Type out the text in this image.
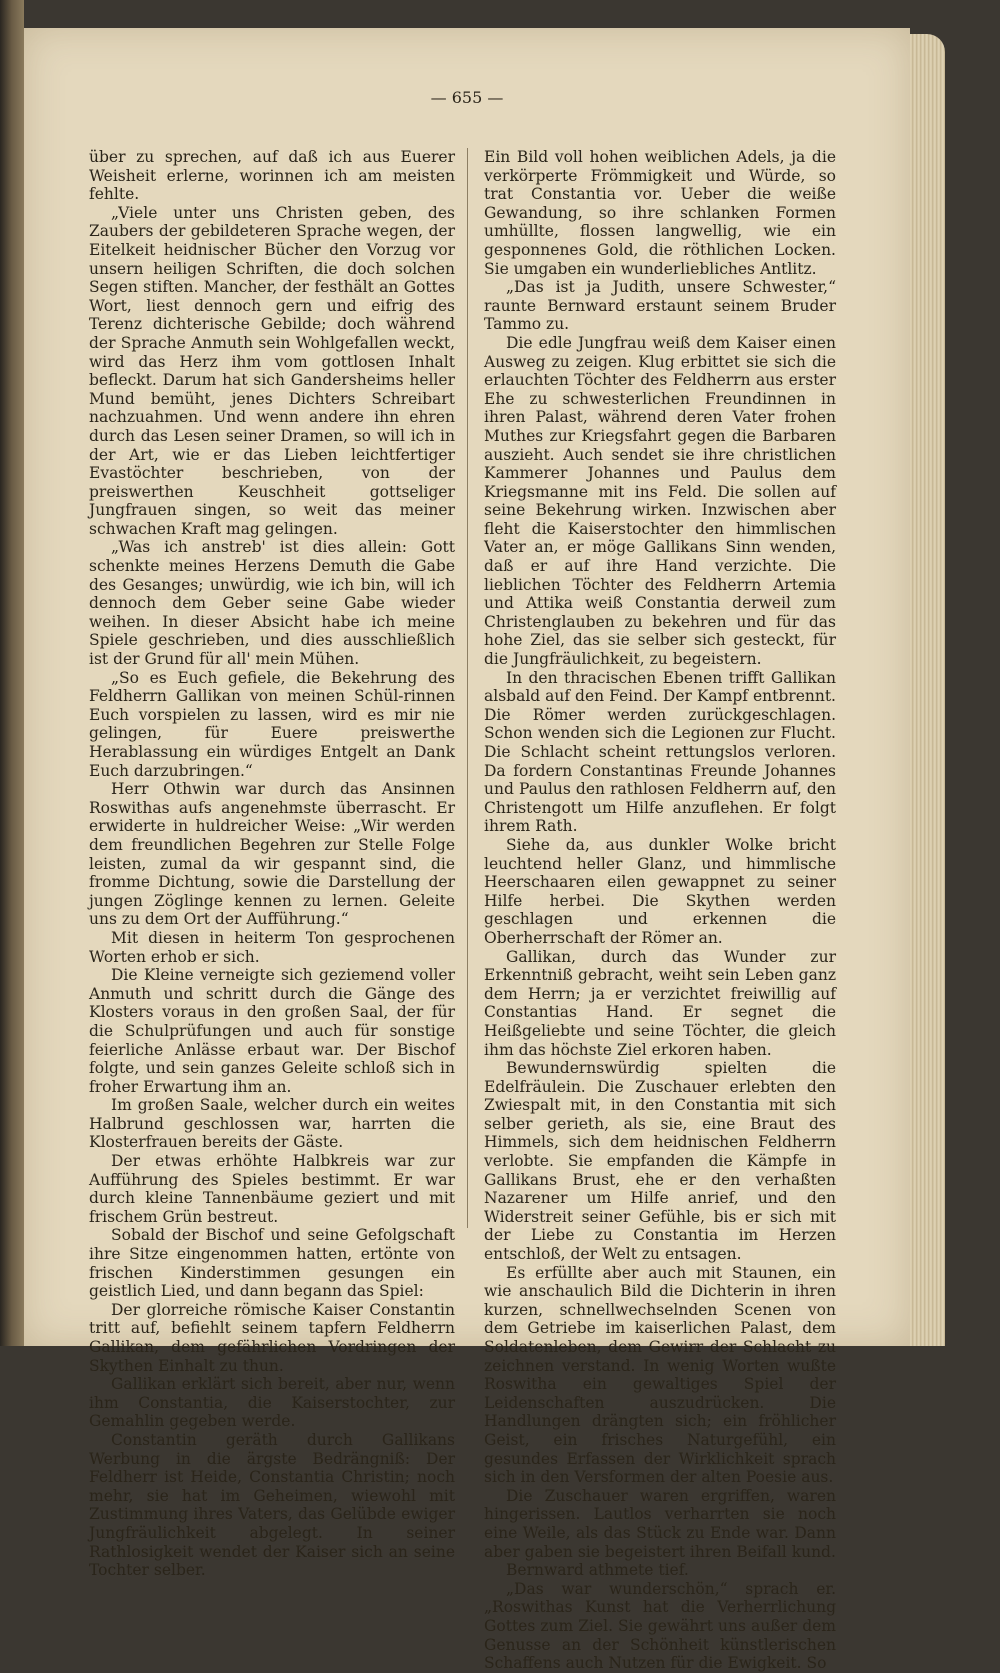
— 655 —

über zu sprechen, auf daß ich aus Euerer Weisheit erlerne, worinnen ich am meisten fehlte.

„Viele unter uns Christen geben, des Zaubers der gebildeteren Sprache wegen, der Eitelkeit heidnischer Bücher den Vorzug vor unsern heiligen Schriften, die doch solchen Segen stiften. Mancher, der festhält an Gottes Wort, liest dennoch gern und eifrig des Terenz dichterische Gebilde; doch während der Sprache Anmuth sein Wohlgefallen weckt, wird das Herz ihm vom gottlosen Inhalt befleckt. Darum hat sich Gandersheims heller Mund bemüht, jenes Dichters Schreibart nachzuahmen. Und wenn andere ihn ehren durch das Lesen seiner Dramen, so will ich in der Art, wie er das Lieben leichtfertiger Evastöchter beschrieben, von der preiswerthen Keuschheit gottseliger Jungfrauen singen, so weit das meiner schwachen Kraft mag gelingen.

„Was ich anstreb' ist dies allein: Gott schenkte meines Herzens Demuth die Gabe des Gesanges; unwürdig, wie ich bin, will ich dennoch dem Geber seine Gabe wieder weihen. In dieser Absicht habe ich meine Spiele geschrieben, und dies ausschließlich ist der Grund für all' mein Mühen.

„So es Euch gefiele, die Bekehrung des Feldherrn Gallikan von meinen Schül-rinnen Euch vorspielen zu lassen, wird es mir nie gelingen, für Euere preiswerthe Herablassung ein würdiges Entgelt an Dank Euch darzubringen.“

Herr Othwin war durch das Ansinnen Roswithas aufs angenehmste überrascht. Er erwiderte in huldreicher Weise: „Wir werden dem freundlichen Begehren zur Stelle Folge leisten, zumal da wir gespannt sind, die fromme Dichtung, sowie die Darstellung der jungen Zöglinge kennen zu lernen. Geleite uns zu dem Ort der Aufführung.“

Mit diesen in heiterm Ton gesprochenen Worten erhob er sich.

Die Kleine verneigte sich geziemend voller Anmuth und schritt durch die Gänge des Klosters voraus in den großen Saal, der für die Schulprüfungen und auch für sonstige feierliche Anlässe erbaut war. Der Bischof folgte, und sein ganzes Geleite schloß sich in froher Erwartung ihm an.

Im großen Saale, welcher durch ein weites Halbrund geschlossen war, harrten die Klosterfrauen bereits der Gäste.

Der etwas erhöhte Halbkreis war zur Aufführung des Spieles bestimmt. Er war durch kleine Tannenbäume geziert und mit frischem Grün bestreut.

Sobald der Bischof und seine Gefolgschaft ihre Sitze eingenommen hatten, ertönte von frischen Kinderstimmen gesungen ein geistlich Lied, und dann begann das Spiel:

Der glorreiche römische Kaiser Constantin tritt auf, befiehlt seinem tapfern Feldherrn Gallikan, dem gefährlichen Vordringen der Skythen Einhalt zu thun.

Gallikan erklärt sich bereit, aber nur, wenn ihm Constantia, die Kaiserstochter, zur Gemahlin gegeben werde.

Constantin geräth durch Gallikans Werbung in die ärgste Bedrängniß: Der Feldherr ist Heide, Constantia Christin; noch mehr, sie hat im Geheimen, wiewohl mit Zustimmung ihres Vaters, das Gelübde ewiger Jungfräulichkeit abgelegt. In seiner Rathlosigkeit wendet der Kaiser sich an seine Tochter selber.

Ein Bild voll hohen weiblichen Adels, ja die verkörperte Frömmigkeit und Würde, so trat Constantia vor. Ueber die weiße Gewandung, so ihre schlanken Formen umhüllte, flossen langwellig, wie ein gesponnenes Gold, die röthlichen Locken. Sie umgaben ein wunderliebliches Antlitz.

„Das ist ja Judith, unsere Schwester,“ raunte Bernward erstaunt seinem Bruder Tammo zu.

Die edle Jungfrau weiß dem Kaiser einen Ausweg zu zeigen. Klug erbittet sie sich die erlauchten Töchter des Feldherrn aus erster Ehe zu schwesterlichen Freundinnen in ihren Palast, während deren Vater frohen Muthes zur Kriegsfahrt gegen die Barbaren auszieht. Auch sendet sie ihre christlichen Kammerer Johannes und Paulus dem Kriegsmanne mit ins Feld. Die sollen auf seine Bekehrung wirken. Inzwischen aber fleht die Kaiserstochter den himmlischen Vater an, er möge Gallikans Sinn wenden, daß er auf ihre Hand verzichte. Die lieblichen Töchter des Feldherrn Artemia und Attika weiß Constantia derweil zum Christenglauben zu bekehren und für das hohe Ziel, das sie selber sich gesteckt, für die Jungfräulichkeit, zu begeistern.

In den thracischen Ebenen trifft Gallikan alsbald auf den Feind. Der Kampf entbrennt. Die Römer werden zurückgeschlagen. Schon wenden sich die Legionen zur Flucht. Die Schlacht scheint rettungslos verloren. Da fordern Constantinas Freunde Johannes und Paulus den rathlosen Feldherrn auf, den Christengott um Hilfe anzuflehen. Er folgt ihrem Rath.

Siehe da, aus dunkler Wolke bricht leuchtend heller Glanz, und himmlische Heerschaaren eilen gewappnet zu seiner Hilfe herbei. Die Skythen werden geschlagen und erkennen die Oberherrschaft der Römer an.

Gallikan, durch das Wunder zur Erkenntniß gebracht, weiht sein Leben ganz dem Herrn; ja er verzichtet freiwillig auf Constantias Hand. Er segnet die Heißgeliebte und seine Töchter, die gleich ihm das höchste Ziel erkoren haben.

Bewundernswürdig spielten die Edelfräulein. Die Zuschauer erlebten den Zwiespalt mit, in den Constantia mit sich selber gerieth, als sie, eine Braut des Himmels, sich dem heidnischen Feldherrn verlobte. Sie empfanden die Kämpfe in Gallikans Brust, ehe er den verhaßten Nazarener um Hilfe anrief, und den Widerstreit seiner Gefühle, bis er sich mit der Liebe zu Constantia im Herzen entschloß, der Welt zu entsagen.

Es erfüllte aber auch mit Staunen, ein wie anschaulich Bild die Dichterin in ihren kurzen, schnellwechselnden Scenen von dem Getriebe im kaiserlichen Palast, dem Soldatenleben, dem Gewirr der Schlacht zu zeichnen verstand. In wenig Worten wußte Roswitha ein gewaltiges Spiel der Leidenschaften auszudrücken. Die Handlungen drängten sich; ein fröhlicher Geist, ein frisches Naturgefühl, ein gesundes Erfassen der Wirklichkeit sprach sich in den Versformen der alten Poesie aus.

Die Zuschauer waren ergriffen, waren hingerissen. Lautlos verharrten sie noch eine Weile, als das Stück zu Ende war. Dann aber gaben sie begeistert ihren Beifall kund.

Bernward athmete tief.

„Das war wunderschön,“ sprach er. „Roswithas Kunst hat die Verherrlichung Gottes zum Ziel. Sie gewährt uns außer dem Genusse an der Schönheit künstlerischen Schaffens auch Nutzen für die Ewigkeit. So
